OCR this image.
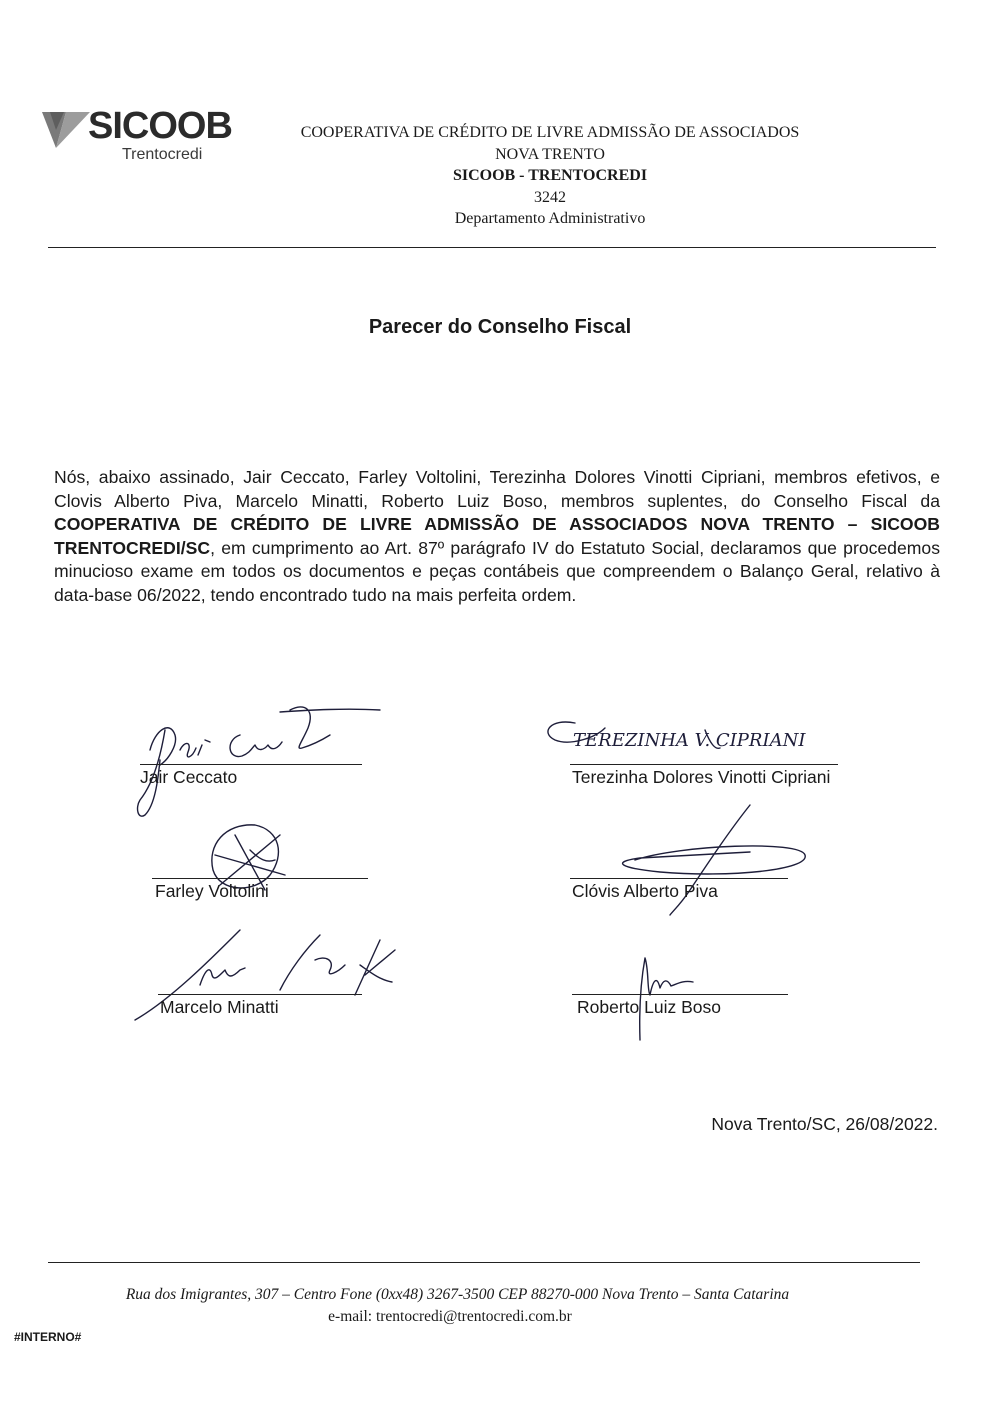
SICOOB
Trentocredi
COOPERATIVA DE CRÉDITO DE LIVRE ADMISSÃO DE ASSOCIADOS
NOVA TRENTO
SICOOB - TRENTOCREDI
3242
Departamento Administrativo
Parecer do Conselho Fiscal
Nós, abaixo assinado, Jair Ceccato, Farley Voltolini, Terezinha Dolores Vinotti Cipriani, membros efetivos, e Clovis Alberto Piva, Marcelo Minatti, Roberto Luiz Boso, membros suplentes, do Conselho Fiscal da COOPERATIVA DE CRÉDITO DE LIVRE ADMISSÃO DE ASSOCIADOS NOVA TRENTO – SICOOB TRENTOCREDI/SC, em cumprimento ao Art. 87º parágrafo IV do Estatuto Social, declaramos que procedemos minucioso exame em todos os documentos e peças contábeis que compreendem o Balanço Geral, relativo à data-base 06/2022, tendo encontrado tudo na mais perfeita ordem.
Jair Ceccato
TEREZINHA V. CIPRIANI
Terezinha Dolores Vinotti Cipriani
Farley Voltolini	Clóvis Alberto Piva
Marcelo Minatti	Roberto Luiz Boso
Nova Trento/SC, 26/08/2022.
Rua dos Imigrantes, 307 – Centro Fone (0xx48) 3267-3500 CEP 88270-000 Nova Trento – Santa Catarina
e-mail: trentocredi@trentocredi.com.br
#INTERNO#
